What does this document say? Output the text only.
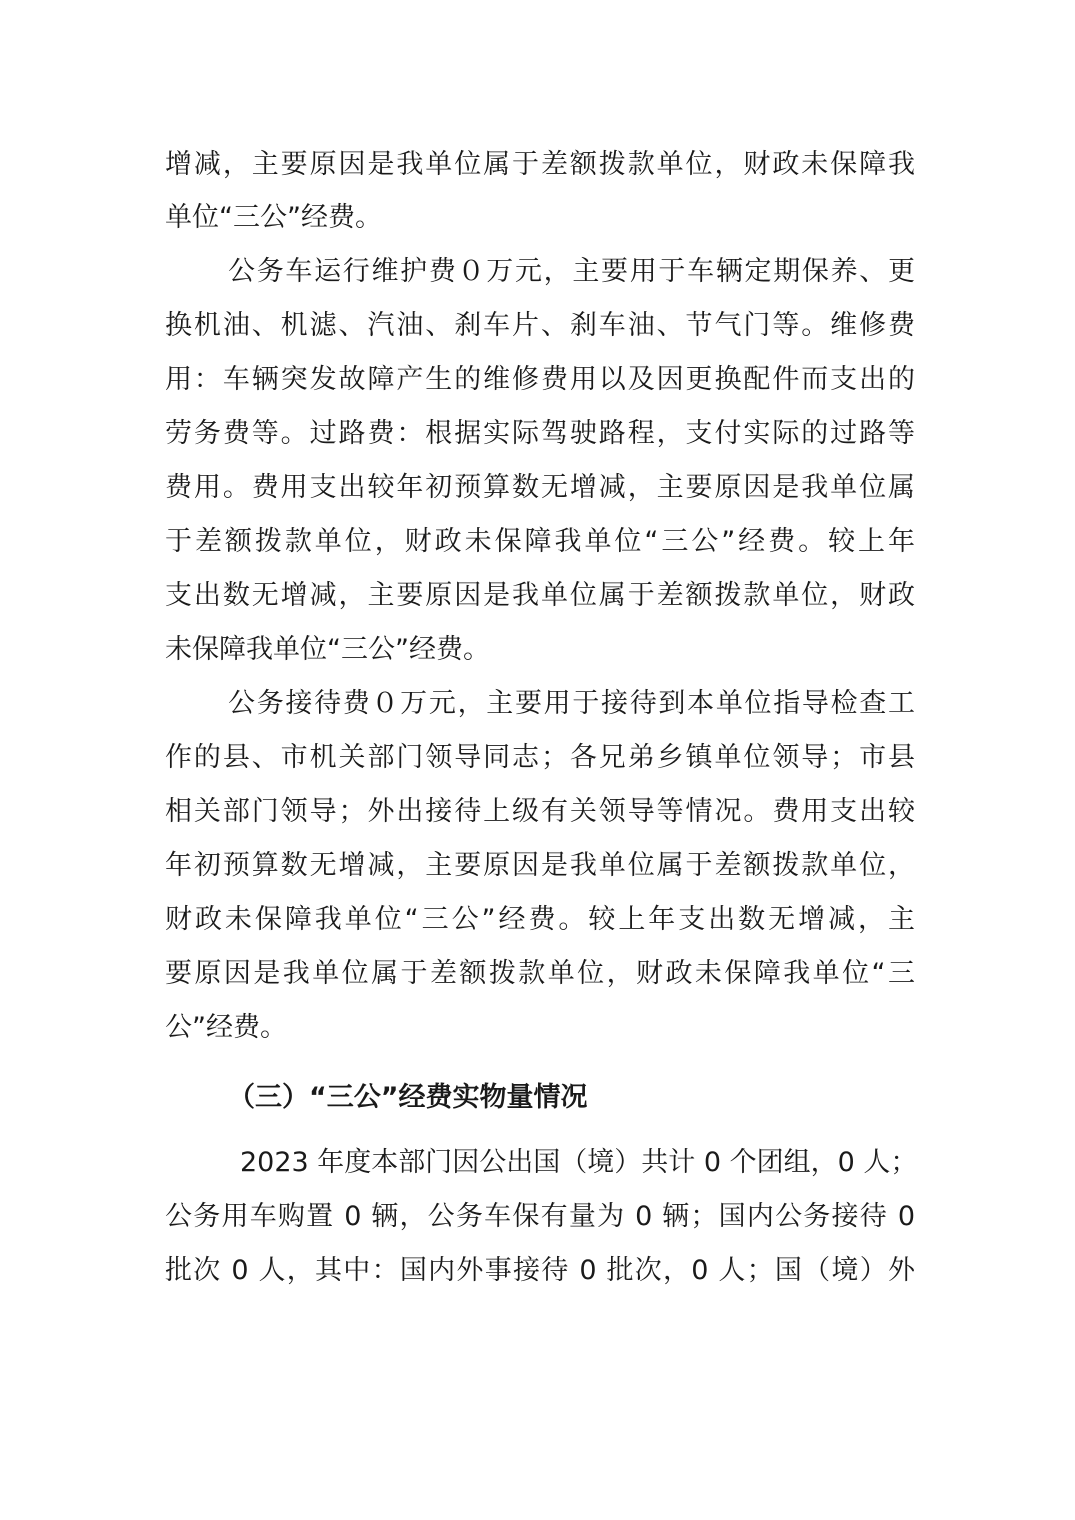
增减，主要原因是我单位属于差额拨款单位，财政未保障我
单位“三公”经费。
公务车运行维护费０万元，主要用于车辆定期保养、更
换机油、机滤、汽油、刹车片、刹车油、节气门等。维修费
用：车辆突发故障产生的维修费用以及因更换配件而支出的
劳务费等。过路费：根据实际驾驶路程，支付实际的过路等
费用。费用支出较年初预算数无增减，主要原因是我单位属
于差额拨款单位，财政未保障我单位“三公”经费。较上年
支出数无增减，主要原因是我单位属于差额拨款单位，财政
未保障我单位“三公”经费。
公务接待费０万元，主要用于接待到本单位指导检查工
作的县、市机关部门领导同志；各兄弟乡镇单位领导；市县
相关部门领导；外出接待上级有关领导等情况。费用支出较
年初预算数无增减，主要原因是我单位属于差额拨款单位，
财政未保障我单位“三公”经费。较上年支出数无增减，主
要原因是我单位属于差额拨款单位，财政未保障我单位“三
公”经费。
（三）“三公”经费实物量情况
2023 年度本部门因公出国（境）共计 0 个团组，0 人；
公务用车购置 0 辆，公务车保有量为 0 辆；国内公务接待 0
批次 0 人，其中：国内外事接待 0 批次，0 人；国（境）外
